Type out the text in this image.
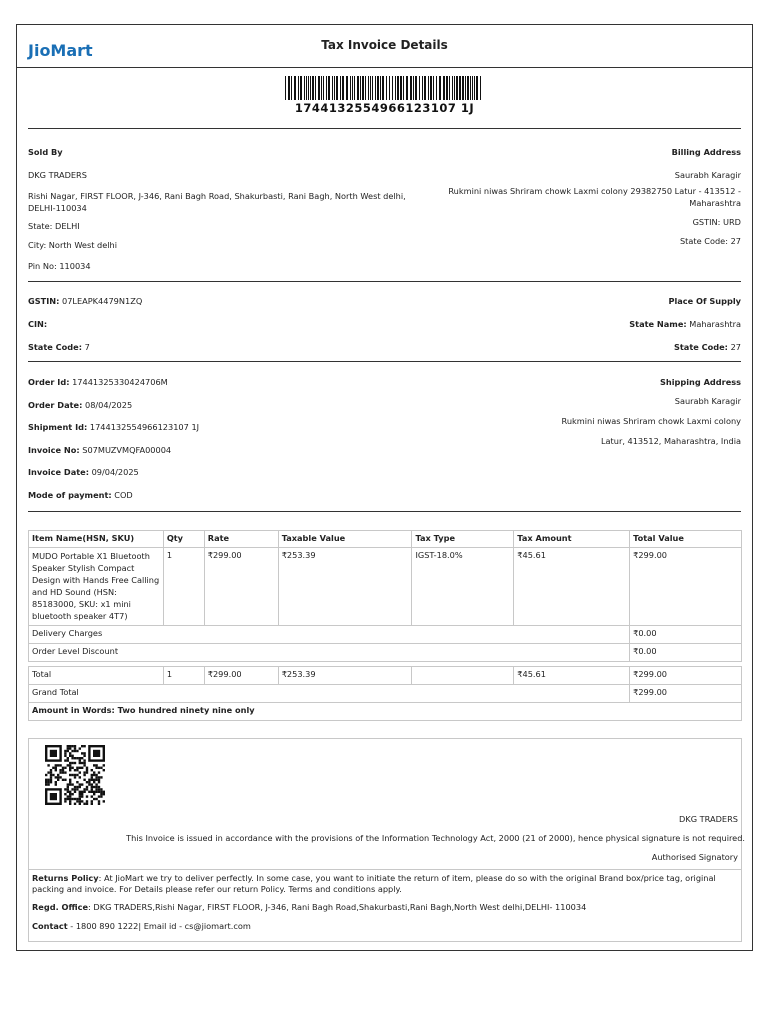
JioMart	Tax Invoice Details
1744132554966123107 1J
Sold By
DKG TRADERS
Rishi Nagar, FIRST FLOOR, J-346, Rani Bagh Road, Shakurbasti, Rani Bagh, North West delhi, DELHI-110034
State: DELHI
City: North West delhi
Pin No: 110034
Billing Address
Saurabh Karagir
Rukmini niwas Shriram chowk Laxmi colony 29382750 Latur - 413512 - Maharashtra
GSTIN: URD
State Code: 27
GSTIN: 07LEAPK4479N1ZQ
CIN:
State Code: 7
Place Of Supply
State Name: Maharashtra
State Code: 27
Order Id: 17441325330424706M
Order Date: 08/04/2025
Shipment Id: 1744132554966123107 1J
Invoice No: S07MUZVMQFA00004
Invoice Date: 09/04/2025
Mode of payment: COD
Shipping Address
Saurabh Karagir
Rukmini niwas Shriram chowk Laxmi colony
Latur, 413512, Maharashtra, India
Item Name(HSN, SKU)	Qty	Rate	Taxable Value	Tax Type	Tax Amount	Total Value
MUDO Portable X1 Bluetooth Speaker Stylish Compact Design with Hands Free Calling and HD Sound (HSN: 85183000, SKU: x1 mini bluetooth speaker 4T7)	1	₹299.00	₹253.39	IGST-18.0%	₹45.61	₹299.00
Delivery Charges						₹0.00
Order Level Discount						₹0.00

Total	1	₹299.00	₹253.39		₹45.61	₹299.00
Grand Total						₹299.00
Amount in Words: Two hundred ninety nine only						
DKG TRADERS
This Invoice is issued in accordance with the provisions of the Information Technology Act, 2000 (21 of 2000), hence physical signature is not required.
Authorised Signatory
Returns Policy: At JioMart we try to deliver perfectly. In some case, you want to initiate the return of item, please do so with the original Brand box/price tag, original packing and invoice. For Details please refer our return Policy. Terms and conditions apply.
Regd. Office: DKG TRADERS,Rishi Nagar, FIRST FLOOR, J-346, Rani Bagh Road,Shakurbasti,Rani Bagh,North West delhi,DELHI- 110034
Contact - 1800 890 1222| Email id - cs@jiomart.com
